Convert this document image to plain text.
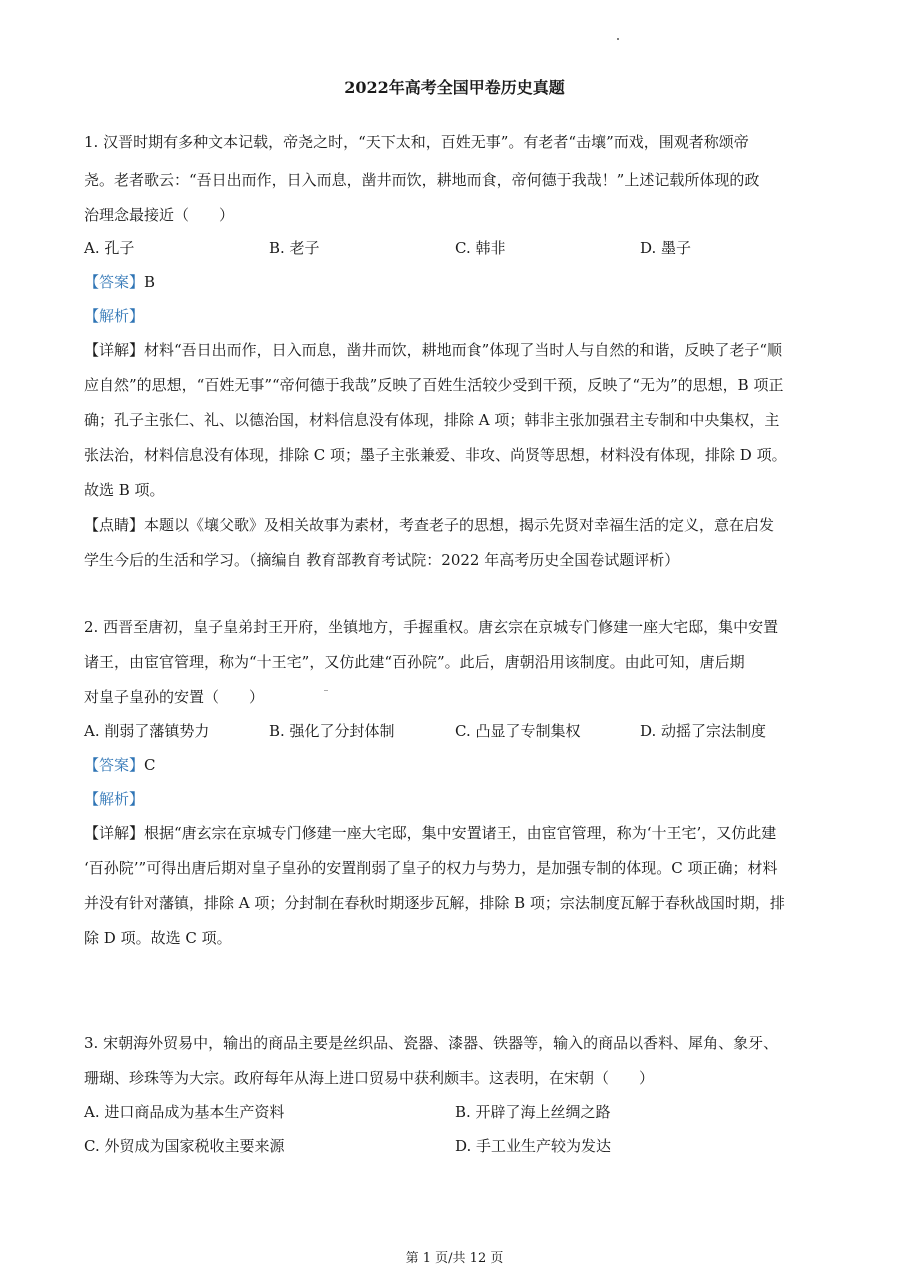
2022年高考全国甲卷历史真题
1. 汉晋时期有多种文本记载，帝尧之时，“天下太和，百姓无事”。有老者“击壤”而戏，围观者称颂帝
尧。老者歌云：“吾日出而作，日入而息，凿井而饮，耕地而食，帝何德于我哉！”上述记载所体现的政
治理念最接近（　　）
A. 孔子	B. 老子	C. 韩非	D. 墨子
【答案】B
【解析】
【详解】材料“吾日出而作，日入而息，凿井而饮，耕地而食”体现了当时人与自然的和谐，反映了老子“顺
应自然”的思想，“百姓无事”“帝何德于我哉”反映了百姓生活较少受到干预，反映了“无为”的思想，B 项正
确；孔子主张仁、礼、以德治国，材料信息没有体现，排除 A 项；韩非主张加强君主专制和中央集权，主
张法治，材料信息没有体现，排除 C 项；墨子主张兼爱、非攻、尚贤等思想，材料没有体现，排除 D 项。
故选 B 项。
【点睛】本题以《壤父歌》及相关故事为素材，考查老子的思想，揭示先贤对幸福生活的定义，意在启发
学生今后的生活和学习。（摘编自 教育部教育考试院：2022 年高考历史全国卷试题评析）
2. 西晋至唐初，皇子皇弟封王开府，坐镇地方，手握重权。唐玄宗在京城专门修建一座大宅邸，集中安置
诸王，由宦官管理，称为“十王宅”，又仿此建“百孙院”。此后，唐朝沿用该制度。由此可知，唐后期
对皇子皇孙的安置（　　）
A. 削弱了藩镇势力	B. 强化了分封体制	C. 凸显了专制集权	D. 动摇了宗法制度
【答案】C
【解析】
【详解】根据“唐玄宗在京城专门修建一座大宅邸，集中安置诸王，由宦官管理，称为‘十王宅’，又仿此建
‘百孙院’”可得出唐后期对皇子皇孙的安置削弱了皇子的权力与势力，是加强专制的体现。C 项正确；材料
并没有针对藩镇，排除 A 项；分封制在春秋时期逐步瓦解，排除 B 项；宗法制度瓦解于春秋战国时期，排
除 D 项。故选 C 项。
3. 宋朝海外贸易中，输出的商品主要是丝织品、瓷器、漆器、铁器等，输入的商品以香料、犀角、象牙、
珊瑚、珍珠等为大宗。政府每年从海上进口贸易中获利颇丰。这表明，在宋朝（　　）
A. 进口商品成为基本生产资料	B. 开辟了海上丝绸之路
C. 外贸成为国家税收主要来源	D. 手工业生产较为发达
第 1 页/共 12 页
